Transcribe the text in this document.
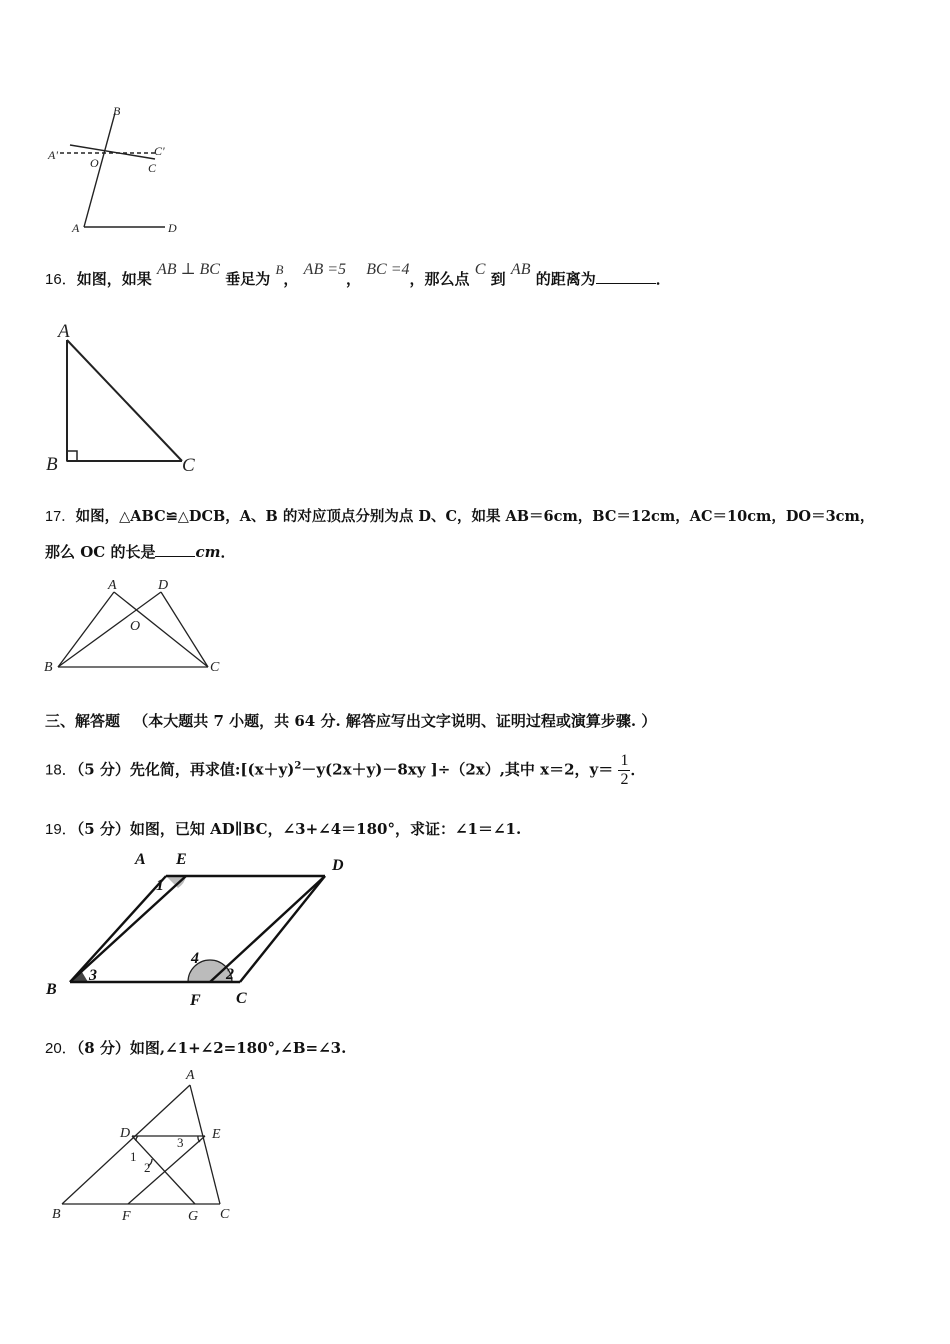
B
A'
O
C'
C
A	D
16．如图，如果 AB ⊥ BC 垂足为 B， AB =5， BC =4，那么点 C 到 AB 的距离为	．
A
B	C
17．如图，△ABC≌△DCB，A、B 的对应顶点分别为点 D、C，如果 AB＝6cm，BC＝12cm，AC＝10cm，DO＝3cm，
那么 OC 的长是	cm．
A	D
O
B	C
三、解答题 （本大题共 7 小题，共 64 分. 解答应写出文字说明、证明过程或演算步骤. ）
18．（5 分）先化简，再求值$:[(x+y)^2-y(2x+y)-8xy$ ]÷（2x）,其中 x＝2，$y= \frac{1}{2}$ ．
19．（5 分）如图，已知 AD∥BC，∠3+∠4＝180°，求证：∠1＝∠1.
A E	D
B
F C
1
2
3
4
20．（8 分）如图,∠1+∠2=180°,∠B=∠3.
A
D	E
B	F	G C
1
2
3
